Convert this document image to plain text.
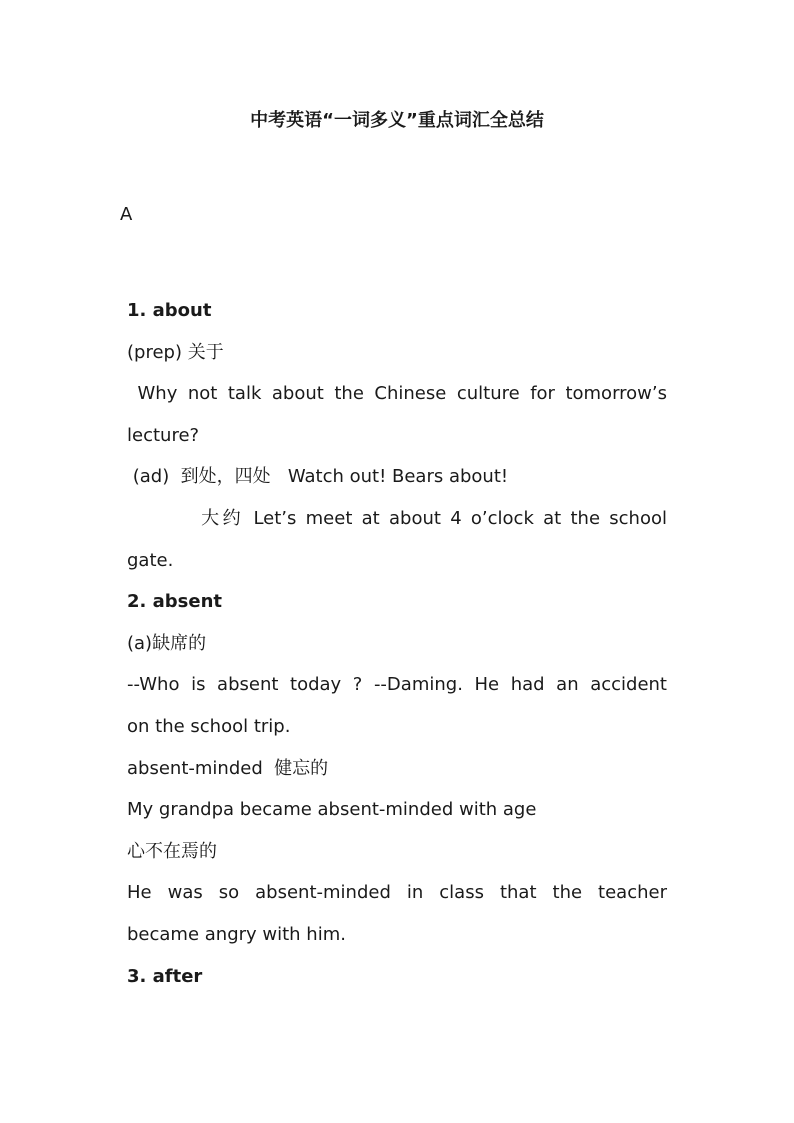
中考英语“一词多义”重点词汇全总结
A
1. about
(prep) 关于
Why not talk about the Chinese culture for tomorrow’s
lecture?
(ad)  到处，四处   Watch out! Bears about!
大约 Let’s meet at about 4 o’clock at the school
gate.
2. absent
(a)缺席的
--Who is absent today ? --Daming. He had an accident
on the school trip.
absent-minded  健忘的
My grandpa became absent-minded with age
心不在焉的
He was so absent-minded in class that the teacher
became angry with him.
3. after
